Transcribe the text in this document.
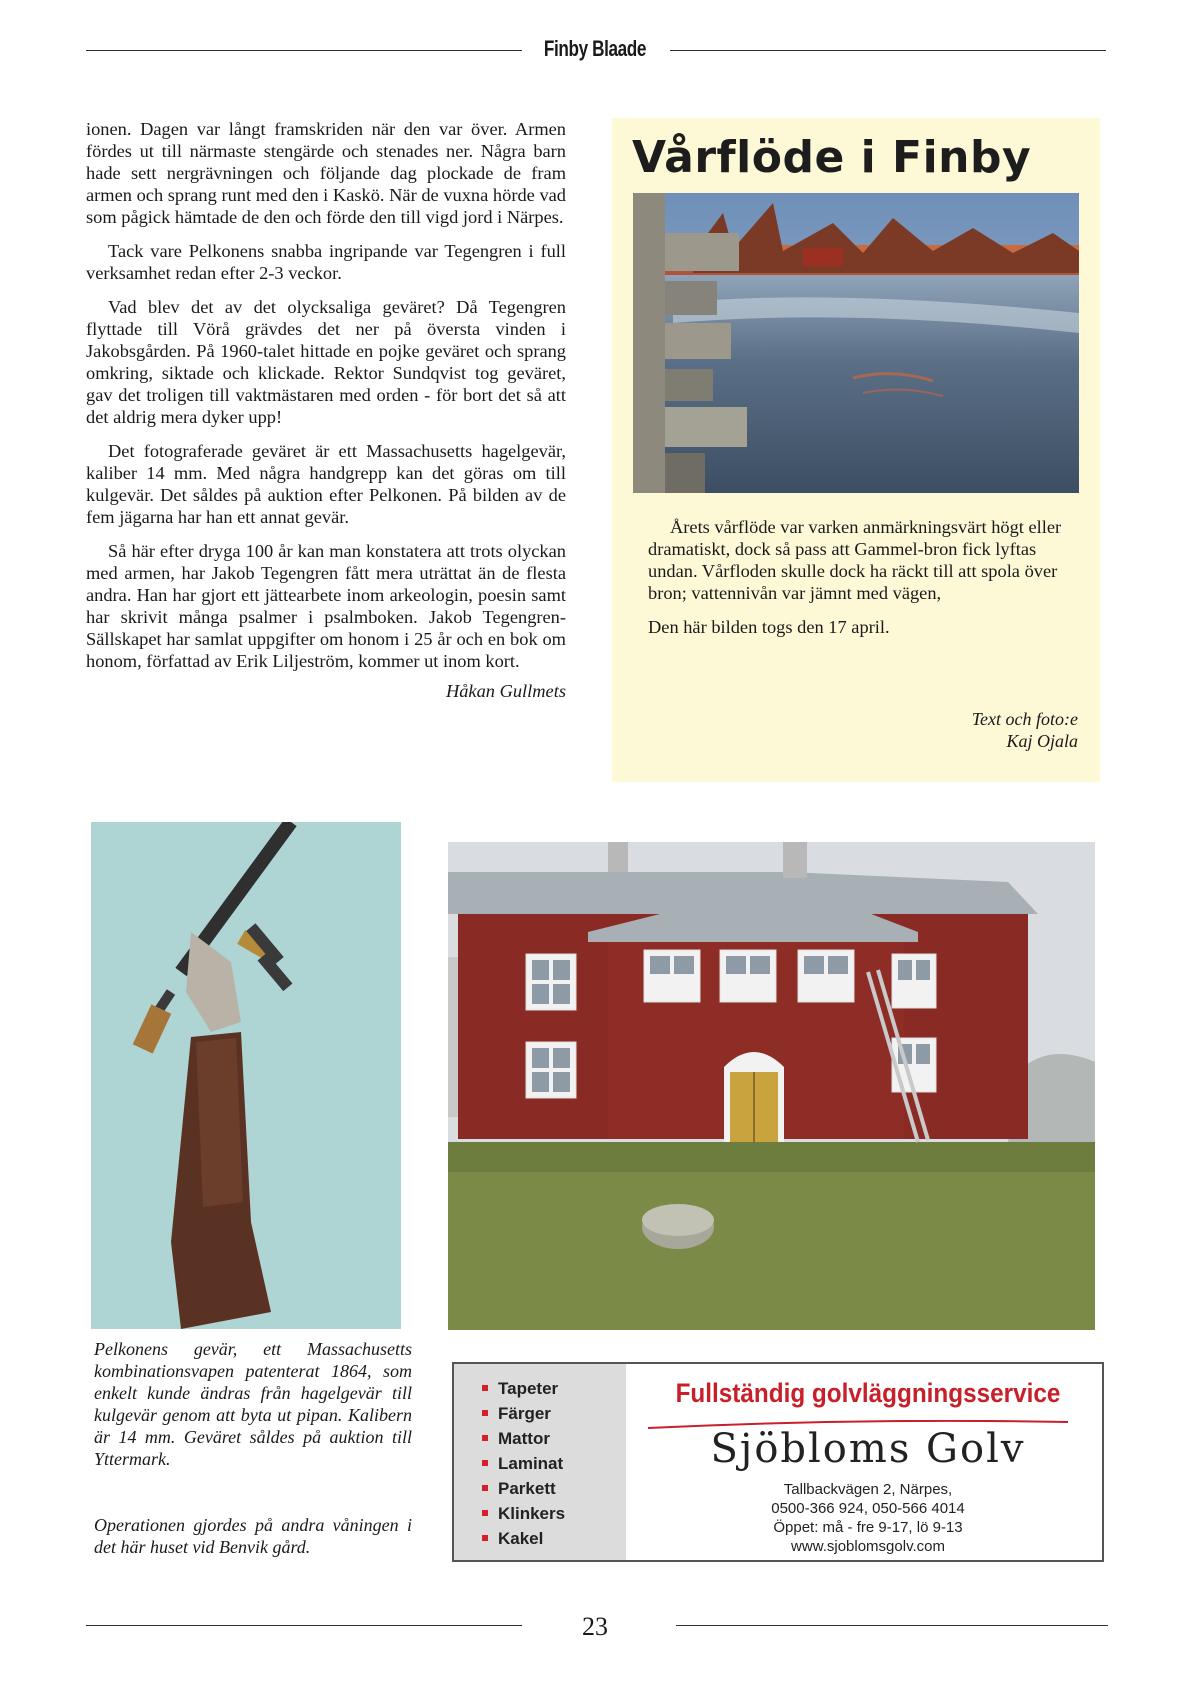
Finby Blaade

ionen. Dagen var långt framskriden när den var över. Armen fördes ut till närmaste stengärde och stenades ner. Några barn hade sett nergrävningen och följande dag plockade de fram armen och sprang runt med den i Kaskö. När de vuxna hörde vad som pågick hämtade de den och förde den till vigd jord i Närpes.

Tack vare Pelkonens snabba ingripande var Tegengren i full verksamhet redan efter 2-3 veckor.

Vad blev det av det olycksaliga geväret? Då Tegengren flyttade till Vörå grävdes det ner på översta vinden i Jakobsgården. På 1960-talet hittade en pojke geväret och sprang omkring, siktade och klickade. Rektor Sundqvist tog geväret, gav det troligen till vaktmästaren med orden - för bort det så att det aldrig mera dyker upp!

Det fotograferade geväret är ett Massachusetts hagelgevär, kaliber 14 mm. Med några handgrepp kan det göras om till kulgevär. Det såldes på auktion efter Pelkonen. På bilden av de fem jägarna har han ett annat gevär.

Så här efter dryga 100 år kan man konstatera att trots olyckan med armen, har Jakob Tegengren fått mera uträttat än de flesta andra. Han har gjort ett jättearbete inom arkeologin, poesin samt har skrivit många psalmer i psalmboken. Jakob Tegengren-Sällskapet har samlat uppgifter om honom i 25 år och en bok om honom, författad av Erik Liljeström, kommer ut inom kort.

Håkan Gullmets
Vårflöde i Finby

Årets vårflöde var varken anmärkningsvärt högt eller dramatiskt, dock så pass att Gammel-bron fick lyftas undan. Vårfloden skulle dock ha räckt till att spola över bron; vattennivån var jämnt med vägen,

Den här bilden togs den 17 april.

Text och foto:e
Kaj Ojala
Pelkonens gevär, ett Massachusetts kombinationsvapen patenterat 1864, som enkelt kunde ändras från hagelgevär till kulgevär genom att byta ut pipan. Kalibern är 14 mm. Geväret såldes på auktion till Yttermark.
Operationen gjordes på andra våningen i det här huset vid Benvik gård.
Tapeter
Färger
Mattor
Laminat
Parkett
Klinkers
Kakel
Fullständig golvläggningsservice
Sjöbloms Golv
Tallbackvägen 2, Närpes,
0500-366 924, 050-566 4014
Öppet: må - fre 9-17, lö 9-13
www.sjoblomsgolv.com
23
